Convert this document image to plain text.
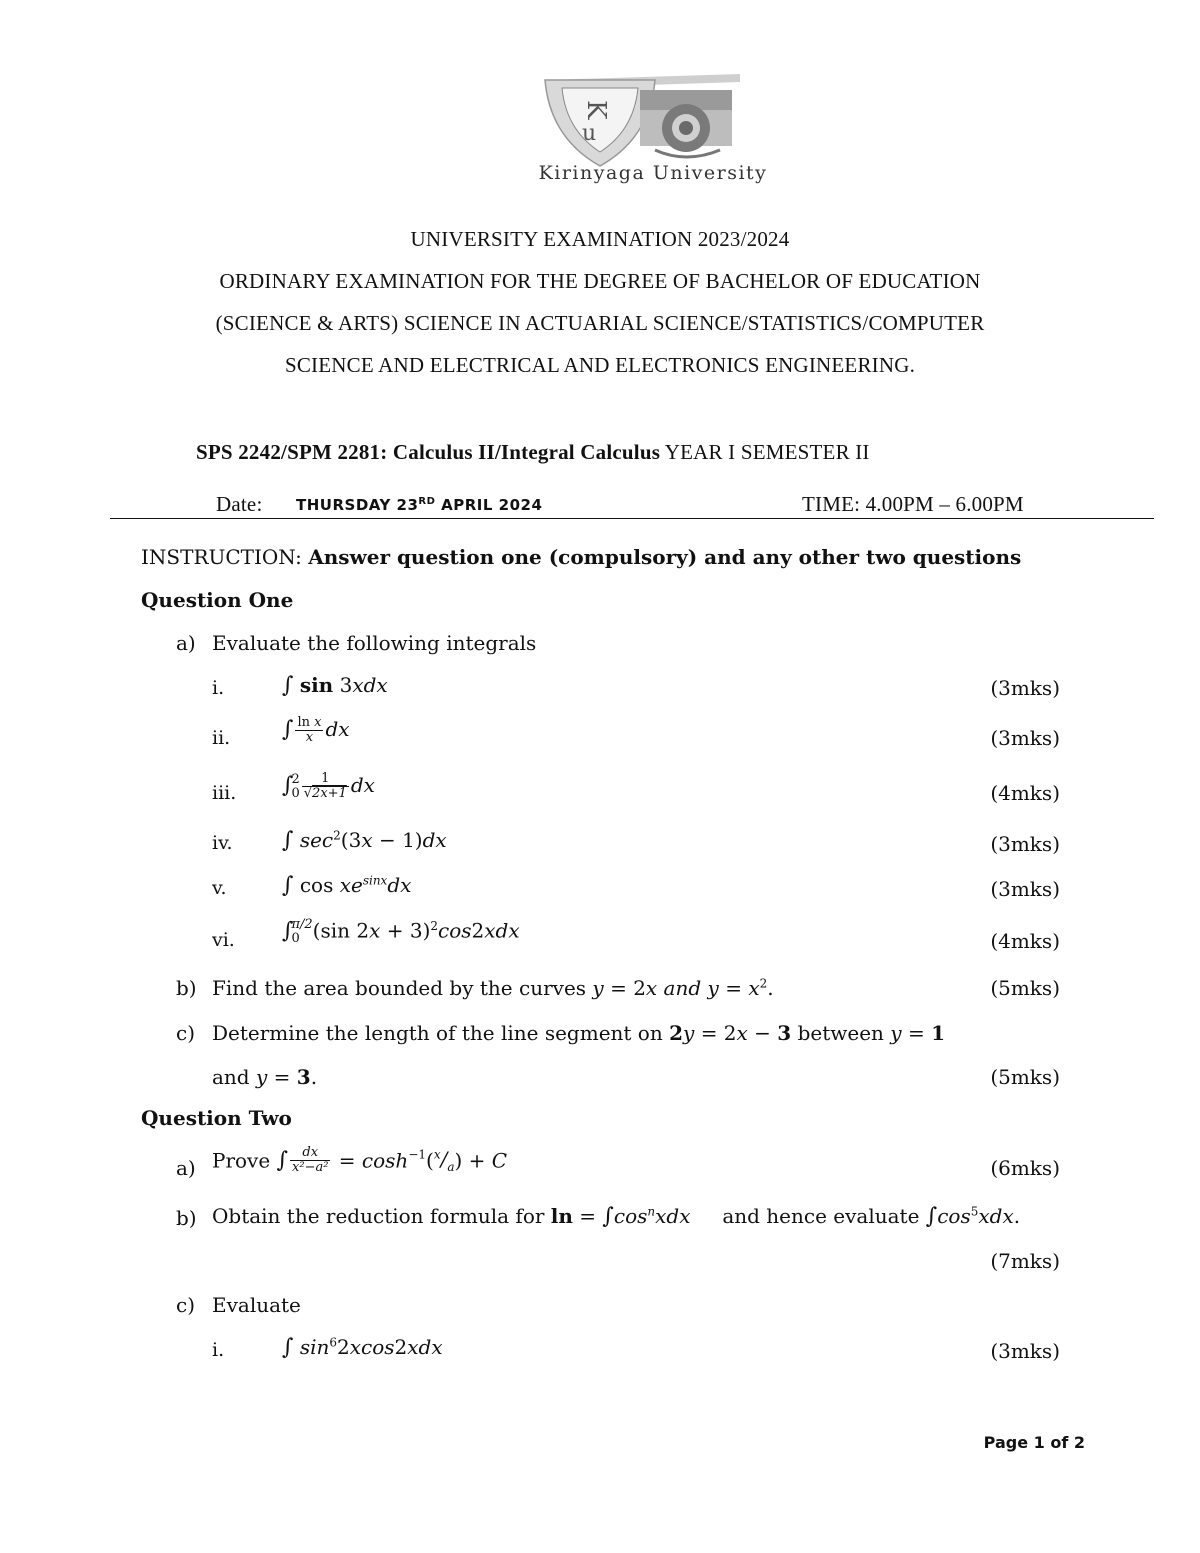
K
u
Kirinyaga University
UNIVERSITY EXAMINATION 2023/2024
ORDINARY EXAMINATION FOR THE DEGREE OF BACHELOR OF EDUCATION
(SCIENCE & ARTS) SCIENCE IN ACTUARIAL SCIENCE/STATISTICS/COMPUTER
SCIENCE AND ELECTRICAL AND ELECTRONICS ENGINEERING.
SPS 2242/SPM 2281: Calculus II/Integral Calculus YEAR I SEMESTER II
Date: THURSDAY 23RD APRIL 2024	TIME: 4.00PM – 6.00PM
INSTRUCTION: Answer question one (compulsory) and any other two questions
Question One
a) Evaluate the following integrals
i.	∫ sin 3xdx	(3mks)
ii. ∫ $\frac{\text{ln x}}{x}$ dx	(3mks)
iii. ∫
2
$0 \frac{1}{√2x+1}$ dx	(4mks)
iv. ∫ $\sec^2(3x - 1)dx$	(3mks)
v.	∫ $\cos xe^{sinx}dx$	(3mks)
vi. ∫
π/2
0 (sin 2x + 3)$^2$cos2xdx	(4mks)
b) Find the area bounded by the curves y = 2x and $y = x^2$.	(5mks)
c) Determine the length of the line segment on 2y = 2x − 3 between y = 1
and y = 3.	(5mks)
Question Two
a) Prove ∫ $\frac{dx}{\text{x²−a²}} = \cosh^{-1}(^x/_a) + C$	(6mks)
b) Obtain the reduction formula for $\ln = \int\cos^nxdx$ and hence evaluate $\int\cos^5xdx$.
(7mks)
c) Evaluate
i.	∫ $\sin^62xcos2xdx$	(3mks)
Page 1 of 2
